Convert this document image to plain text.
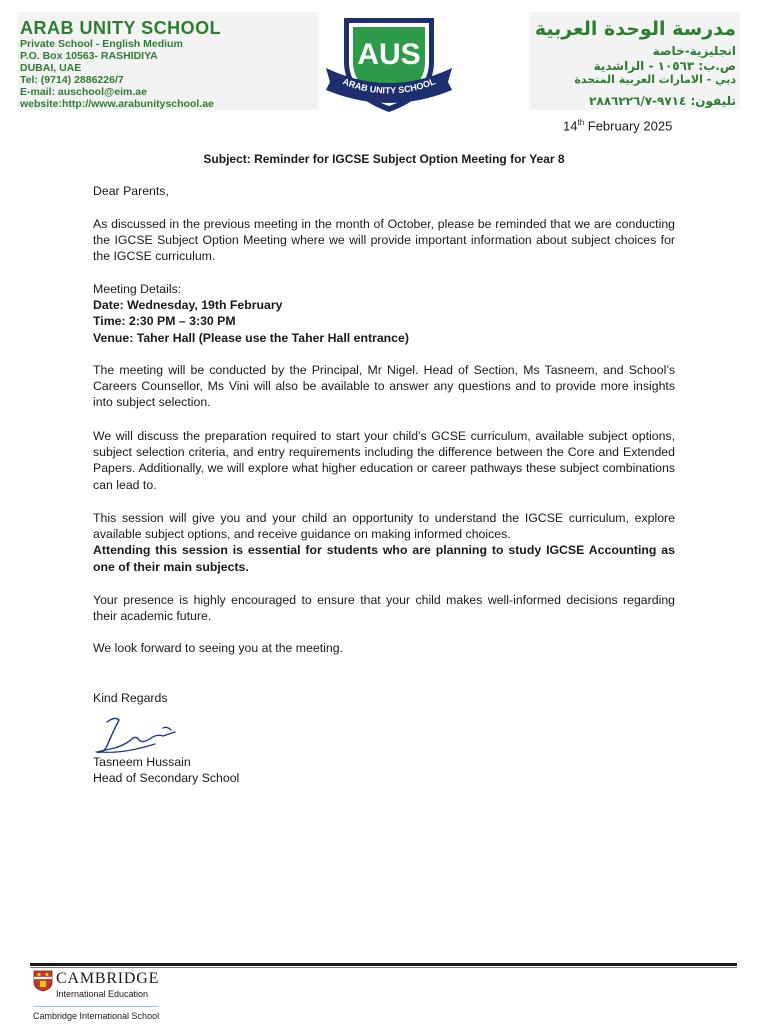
ARAB UNITY SCHOOL
Private School - English Medium
P.O. Box 10563- RASHIDIYA
DUBAI, UAE
Tel: (9714) 2886226/7
E-mail: auschool@eim.ae
website:http://www.arabunityschool.ae
AUS
ARAB UNITY SCHOOL
مدرسة الوحدة العربية
انجليزية-خاصة
ص.ب: ١٠٥٦٣ - الراشدية
دبي - الامارات العربية المتحدة
تليفون: ٩٧١٤-٢٨٨٦٢٢٦/٧
14th February 2025
Subject: Reminder for IGCSE Subject Option Meeting for Year 8
Dear Parents,
As discussed in the previous meeting in the month of October, please be reminded that we are conducting the IGCSE Subject Option Meeting where we will provide important information about subject choices for the IGCSE curriculum.
Meeting Details:
Date: Wednesday, 19th February
Time: 2:30 PM – 3:30 PM
Venue: Taher Hall (Please use the Taher Hall entrance)
The meeting will be conducted by the Principal, Mr Nigel. Head of Section, Ms Tasneem, and School’s Careers Counsellor, Ms Vini will also be available to answer any questions and to provide more insights into subject selection.
We will discuss the preparation required to start your child’s GCSE curriculum, available subject options, subject selection criteria, and entry requirements including the difference between the Core and Extended Papers. Additionally, we will explore what higher education or career pathways these subject combinations can lead to.
This session will give you and your child an opportunity to understand the IGCSE curriculum, explore available subject options, and receive guidance on making informed choices.
Attending this session is essential for students who are planning to study IGCSE Accounting as one of their main subjects.
Your presence is highly encouraged to ensure that your child makes well-informed decisions regarding their academic future.
We look forward to seeing you at the meeting.
Kind Regards
Tasneem Hussain
Head of Secondary School
CAMBRIDGE
International Education
Cambridge International School
